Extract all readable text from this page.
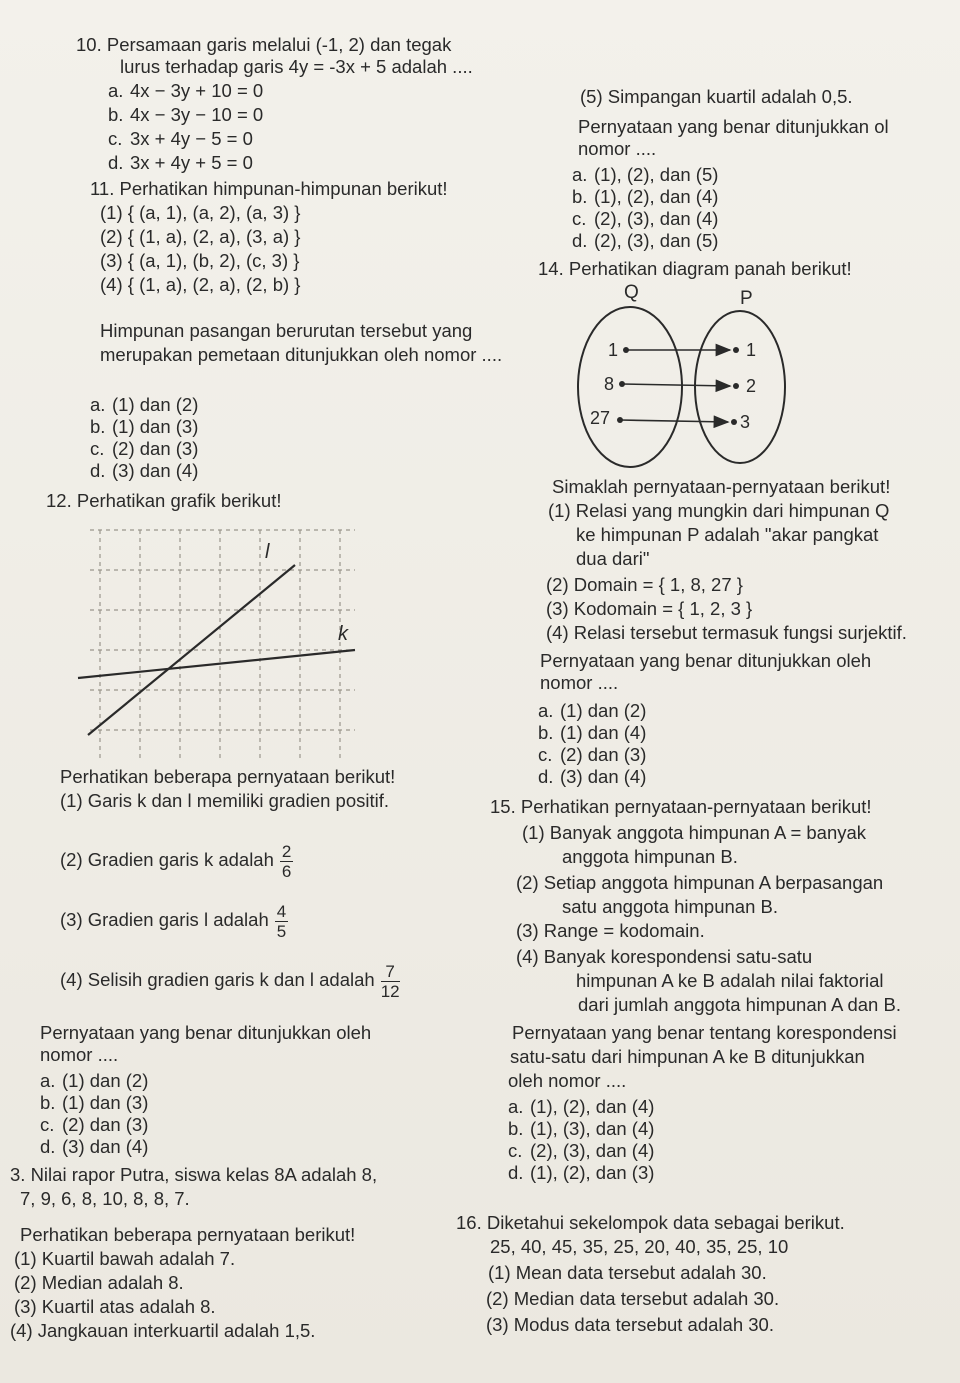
10. Persamaan garis melalui (-1, 2) dan tegak
lurus terhadap garis 4y = -3x + 5 adalah ....
a. 4x − 3y + 10 = 0
b. 4x − 3y − 10 = 0
c. 3x + 4y − 5 = 0
d. 3x + 4y + 5 = 0
11. Perhatikan himpunan-himpunan berikut!
(1) { (a, 1), (a, 2), (a, 3) }
(2) { (1, a), (2, a), (3, a) }
(3) { (a, 1), (b, 2), (c, 3) }
(4) { (1, a), (2, a), (2, b) }
Himpunan pasangan berurutan tersebut yang
merupakan pemetaan ditunjukkan oleh nomor ....
a. (1) dan (2)
b. (1) dan (3)
c. (2) dan (3)
d. (3) dan (4)
12. Perhatikan grafik berikut!
l
k
Perhatikan beberapa pernyataan berikut!
(1) Garis k dan l memiliki gradien positif.
(2) Gradien garis k adalah $\frac{2}{6}$
(3) Gradien garis l adalah $\frac{4}{5}$
(4) Selisih gradien garis k dan l adalah $\frac{7}{12}$
Pernyataan yang benar ditunjukkan oleh
nomor ....
a. (1) dan (2)
b. (1) dan (3)
c. (2) dan (3)
d. (3) dan (4)
3. Nilai rapor Putra, siswa kelas 8A adalah 8,
7, 9, 6, 8, 10, 8, 8, 7.
Perhatikan beberapa pernyataan berikut!
(1) Kuartil bawah adalah 7.
(2) Median adalah 8.
(3) Kuartil atas adalah 8.
(4) Jangkauan interkuartil adalah 1,5.
(5) Simpangan kuartil adalah 0,5.
Pernyataan yang benar ditunjukkan ol
nomor ....
a. (1), (2), dan (5)
b. (1), (2), dan (4)
c. (2), (3), dan (4)
d. (2), (3), dan (5)
14. Perhatikan diagram panah berikut!
Q	P
1
8
27
1
2
3
Simaklah pernyataan-pernyataan berikut!
(1) Relasi yang mungkin dari himpunan Q
ke himpunan P adalah "akar pangkat
dua dari"
(2) Domain = { 1, 8, 27 }
(3) Kodomain = { 1, 2, 3 }
(4) Relasi tersebut termasuk fungsi surjektif.
Pernyataan yang benar ditunjukkan oleh
nomor ....
a. (1) dan (2)
b. (1) dan (4)
c. (2) dan (3)
d. (3) dan (4)
15. Perhatikan pernyataan-pernyataan berikut!
(1) Banyak anggota himpunan A = banyak
anggota himpunan B.
(2) Setiap anggota himpunan A berpasangan
satu anggota himpunan B.
(3) Range = kodomain.
(4) Banyak korespondensi satu-satu
himpunan A ke B adalah nilai faktorial
dari jumlah anggota himpunan A dan B.
Pernyataan yang benar tentang korespondensi
satu-satu dari himpunan A ke B ditunjukkan
oleh nomor ....
a. (1), (2), dan (4)
b. (1), (3), dan (4)
c. (2), (3), dan (4)
d. (1), (2), dan (3)
16. Diketahui sekelompok data sebagai berikut.
25, 40, 45, 35, 25, 20, 40, 35, 25, 10
(1) Mean data tersebut adalah 30.
(2) Median data tersebut adalah 30.
(3) Modus data tersebut adalah 30.
